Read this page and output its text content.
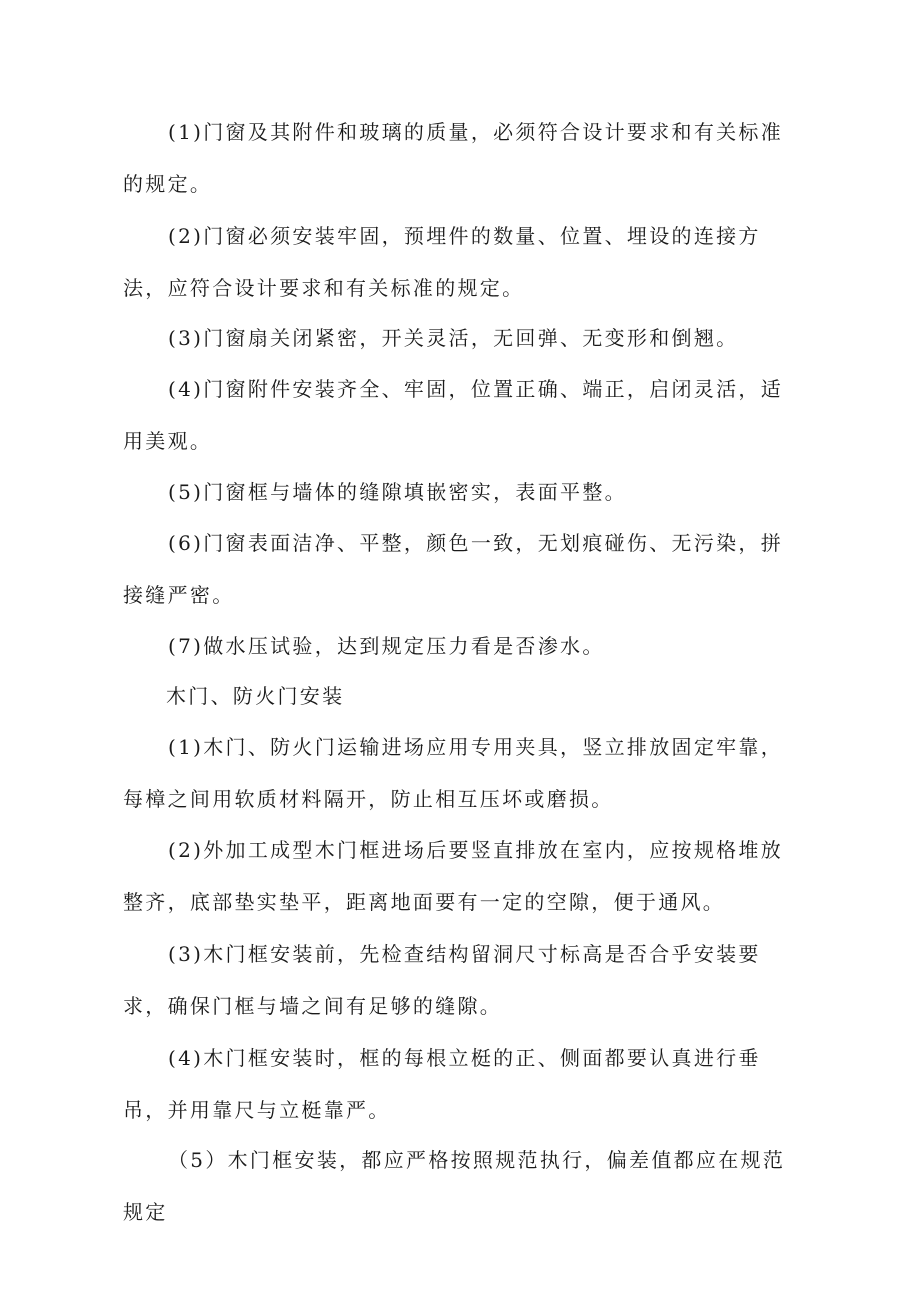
(1)门窗及其附件和玻璃的质量，必须符合设计要求和有关标准的规定。

(2)门窗必须安装牢固，预埋件的数量、位置、埋设的连接方法，应符合设计要求和有关标准的规定。

(3)门窗扇关闭紧密，开关灵活，无回弹、无变形和倒翘。

(4)门窗附件安装齐全、牢固，位置正确、端正，启闭灵活，适用美观。

(5)门窗框与墙体的缝隙填嵌密实，表面平整。

(6)门窗表面洁净、平整，颜色一致，无划痕碰伤、无污染，拼接缝严密。

(7)做水压试验，达到规定压力看是否渗水。

木门、防火门安装

(1)木门、防火门运输进场应用专用夹具，竖立排放固定牢靠，每樟之间用软质材料隔开，防止相互压坏或磨损。

(2)外加工成型木门框进场后要竖直排放在室内，应按规格堆放整齐，底部垫实垫平，距离地面要有一定的空隙，便于通风。

(3)木门框安装前，先检查结构留洞尺寸标高是否合乎安装要求，确保门框与墙之间有足够的缝隙。

(4)木门框安装时，框的每根立梃的正、侧面都要认真进行垂吊，并用靠尺与立梃靠严。

（5）木门框安装，都应严格按照规范执行，偏差值都应在规范规定
